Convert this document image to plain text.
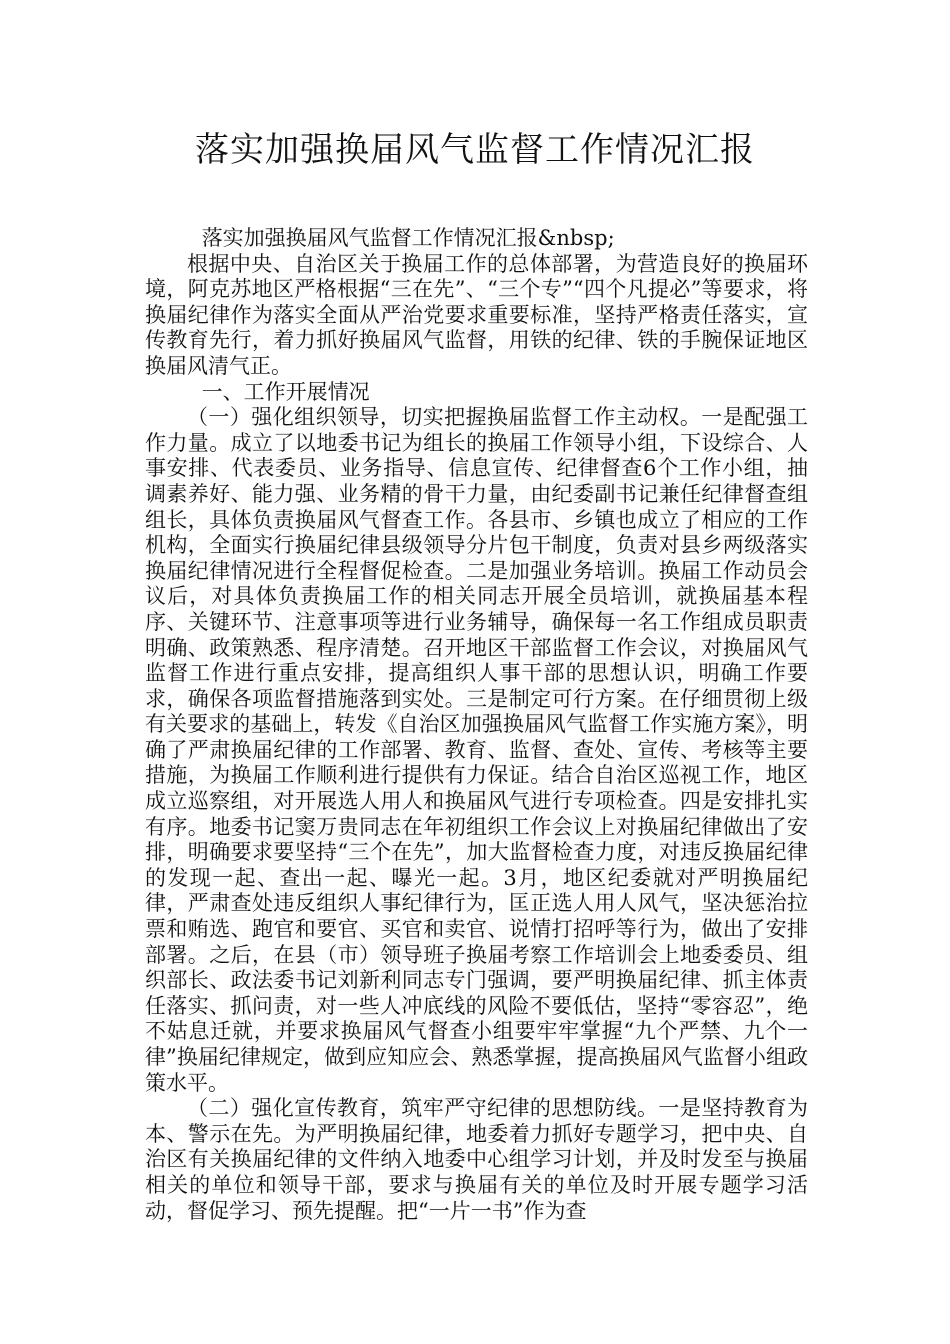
落实加强换届风气监督工作情况汇报

落实加强换届风气监督工作情况汇报&nbsp;

根据中央、自治区关于换届工作的总体部署，为营造良好的换届环境，阿克苏地区严格根据“三在先”、“三个专”“四个凡提必”等要求，将换届纪律作为落实全面从严治党要求重要标准，坚持严格责任落实，宣传教育先行，着力抓好换届风气监督，用铁的纪律、铁的手腕保证地区换届风清气正。

一、工作开展情况

（一）强化组织领导，切实把握换届监督工作主动权。一是配强工作力量。成立了以地委书记为组长的换届工作领导小组，下设综合、人事安排、代表委员、业务指导、信息宣传、纪律督查6个工作小组，抽调素养好、能力强、业务精的骨干力量，由纪委副书记兼任纪律督查组组长，具体负责换届风气督查工作。各县市、乡镇也成立了相应的工作机构，全面实行换届纪律县级领导分片包干制度，负责对县乡两级落实换届纪律情况进行全程督促检查。二是加强业务培训。换届工作动员会议后，对具体负责换届工作的相关同志开展全员培训，就换届基本程序、关键环节、注意事项等进行业务辅导，确保每一名工作组成员职责明确、政策熟悉、程序清楚。召开地区干部监督工作会议，对换届风气监督工作进行重点安排，提高组织人事干部的思想认识，明确工作要求，确保各项监督措施落到实处。三是制定可行方案。在仔细贯彻上级有关要求的基础上，转发《自治区加强换届风气监督工作实施方案》，明确了严肃换届纪律的工作部署、教育、监督、查处、宣传、考核等主要措施，为换届工作顺利进行提供有力保证。结合自治区巡视工作，地区成立巡察组，对开展选人用人和换届风气进行专项检查。四是安排扎实有序。地委书记窦万贵同志在年初组织工作会议上对换届纪律做出了安排，明确要求要坚持“三个在先”，加大监督检查力度，对违反换届纪律的发现一起、查出一起、曝光一起。3月，地区纪委就对严明换届纪律，严肃查处违反组织人事纪律行为，匡正选人用人风气，坚决惩治拉票和贿选、跑官和要官、买官和卖官、说情打招呼等行为，做出了安排部署。之后，在县（市）领导班子换届考察工作培训会上地委委员、组织部长、政法委书记刘新利同志专门强调，要严明换届纪律、抓主体责任落实、抓问责，对一些人冲底线的风险不要低估，坚持“零容忍”，绝不姑息迁就，并要求换届风气督查小组要牢牢掌握“九个严禁、九个一律”换届纪律规定，做到应知应会、熟悉掌握，提高换届风气监督小组政策水平。

（二）强化宣传教育，筑牢严守纪律的思想防线。一是坚持教育为本、警示在先。为严明换届纪律，地委着力抓好专题学习，把中央、自治区有关换届纪律的文件纳入地委中心组学习计划，并及时发至与换届相关的单位和领导干部，要求与换届有关的单位及时开展专题学习活动，督促学习、预先提醒。把“一片一书”作为查
